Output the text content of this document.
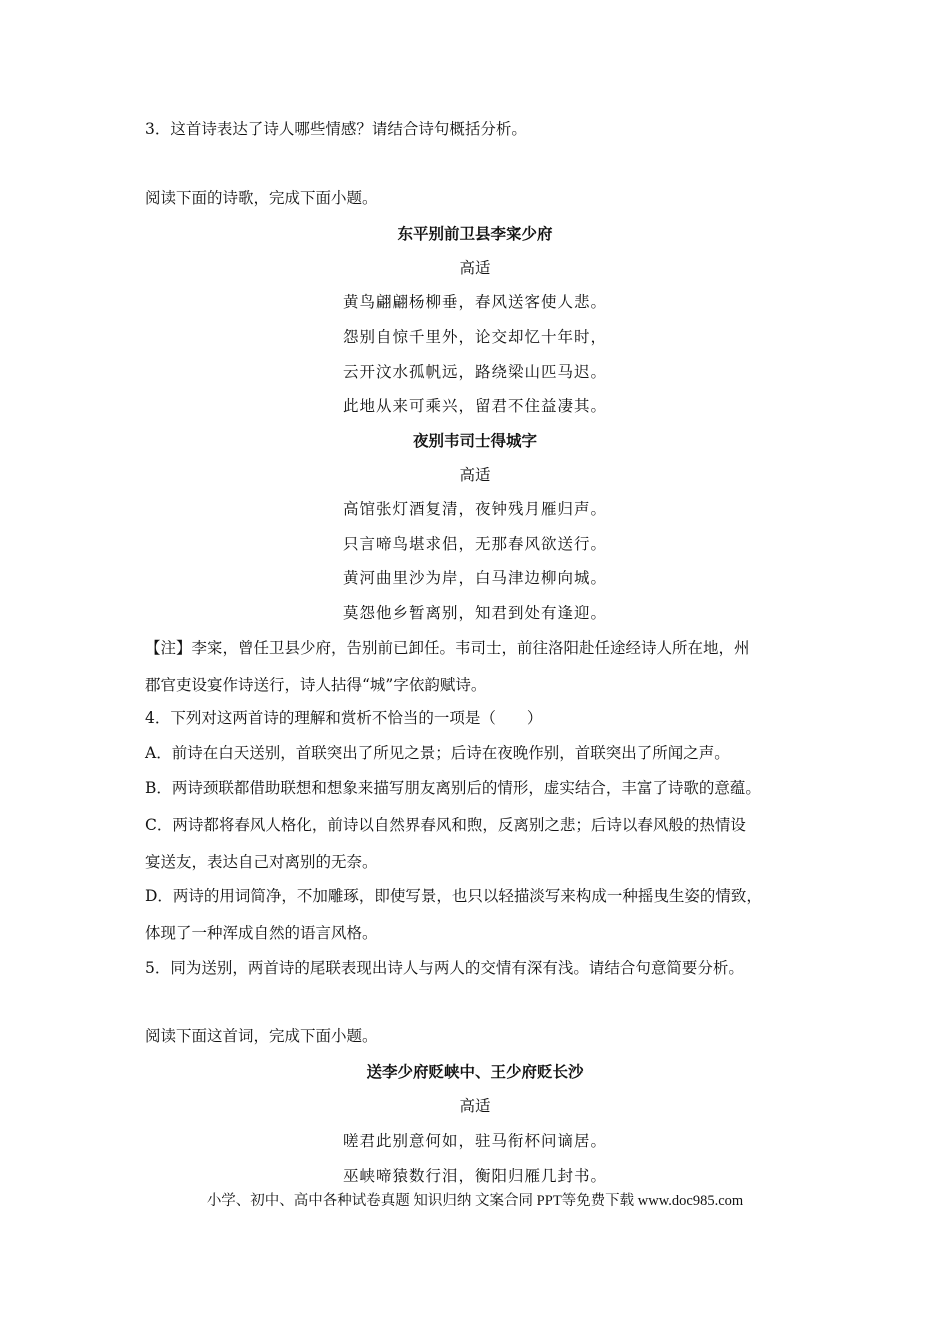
3．这首诗表达了诗人哪些情感？请结合诗句概括分析。
阅读下面的诗歌，完成下面小题。
东平别前卫县李寀少府
高适
黄鸟翩翩杨柳垂，春风送客使人悲。
怨别自惊千里外，论交却忆十年时，
云开汶水孤帆远，路绕梁山匹马迟。
此地从来可乘兴，留君不住益凄其。
夜别韦司士得城字
高适
高馆张灯酒复清，夜钟残月雁归声。
只言啼鸟堪求侣，无那春风欲送行。
黄河曲里沙为岸，白马津边柳向城。
莫怨他乡暂离别，知君到处有逢迎。
【注】李寀，曾任卫县少府，告别前已卸任。韦司士，前往洛阳赴任途经诗人所在地，州
郡官吏设宴作诗送行，诗人拈得“城”字依韵赋诗。
4．下列对这两首诗的理解和赏析不恰当的一项是（　　）
A．前诗在白天送别，首联突出了所见之景；后诗在夜晚作别，首联突出了所闻之声。
B．两诗颈联都借助联想和想象来描写朋友离别后的情形，虚实结合，丰富了诗歌的意蕴。
C．两诗都将春风人格化，前诗以自然界春风和煦，反离别之悲；后诗以春风般的热情设
宴送友，表达自己对离别的无奈。
D．两诗的用词简净，不加雕琢，即使写景，也只以轻描淡写来构成一种摇曳生姿的情致，
体现了一种浑成自然的语言风格。
5．同为送别，两首诗的尾联表现出诗人与两人的交情有深有浅。请结合句意简要分析。
阅读下面这首词，完成下面小题。
送李少府贬峡中、王少府贬长沙
高适
嗟君此别意何如，驻马衔杯问谪居。
巫峡啼猿数行泪，衡阳归雁几封书。
小学、初中、高中各种试卷真题 知识归纳 文案合同 PPT等免费下载 www.doc985.com
